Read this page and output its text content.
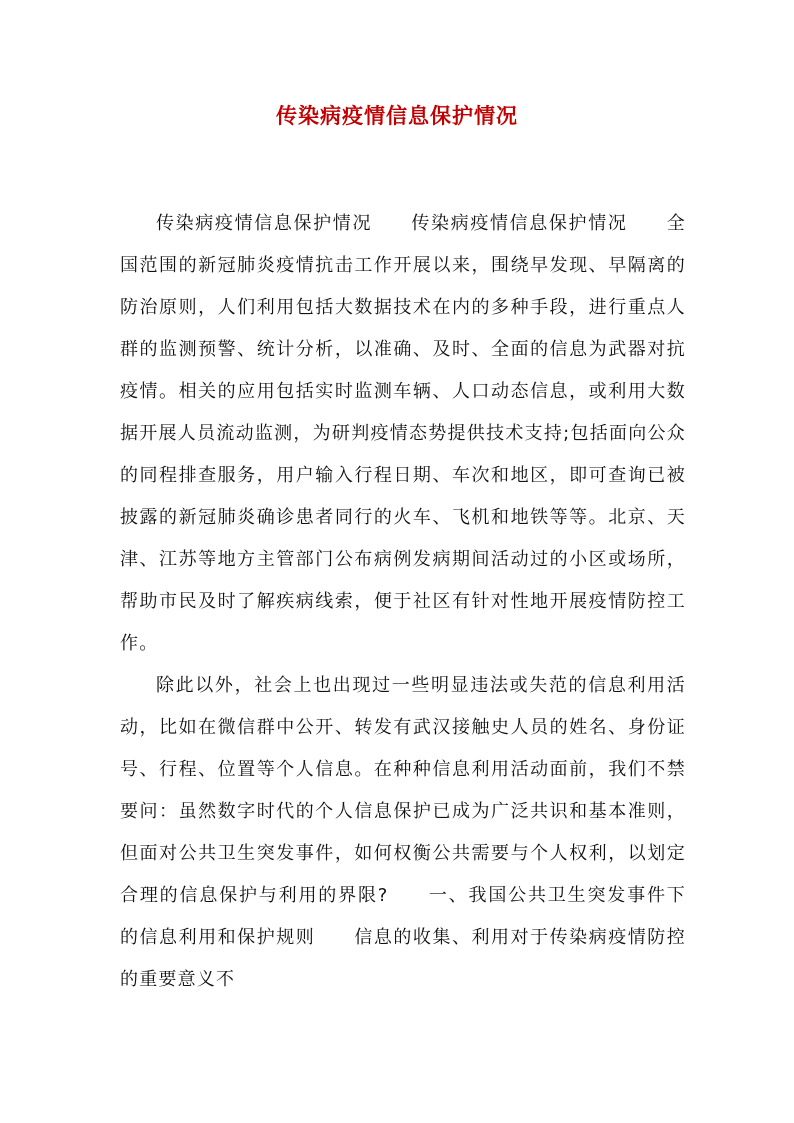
传染病疫情信息保护情况

传染病疫情信息保护情况　　传染病疫情信息保护情况　　全国范围的新冠肺炎疫情抗击工作开展以来，围绕早发现、早隔离的防治原则，人们利用包括大数据技术在内的多种手段，进行重点人群的监测预警、统计分析，以准确、及时、全面的信息为武器对抗疫情。相关的应用包括实时监测车辆、人口动态信息，或利用大数据开展人员流动监测，为研判疫情态势提供技术支持;包括面向公众的同程排查服务，用户输入行程日期、车次和地区，即可查询已被披露的新冠肺炎确诊患者同行的火车、飞机和地铁等等。北京、天津、江苏等地方主管部门公布病例发病期间活动过的小区或场所，帮助市民及时了解疾病线索，便于社区有针对性地开展疫情防控工作。

除此以外，社会上也出现过一些明显违法或失范的信息利用活动，比如在微信群中公开、转发有武汉接触史人员的姓名、身份证号、行程、位置等个人信息。在种种信息利用活动面前，我们不禁要问：虽然数字时代的个人信息保护已成为广泛共识和基本准则，但面对公共卫生突发事件，如何权衡公共需要与个人权利，以划定合理的信息保护与利用的界限?　　一、我国公共卫生突发事件下的信息利用和保护规则　　信息的收集、利用对于传染病疫情防控的重要意义不
